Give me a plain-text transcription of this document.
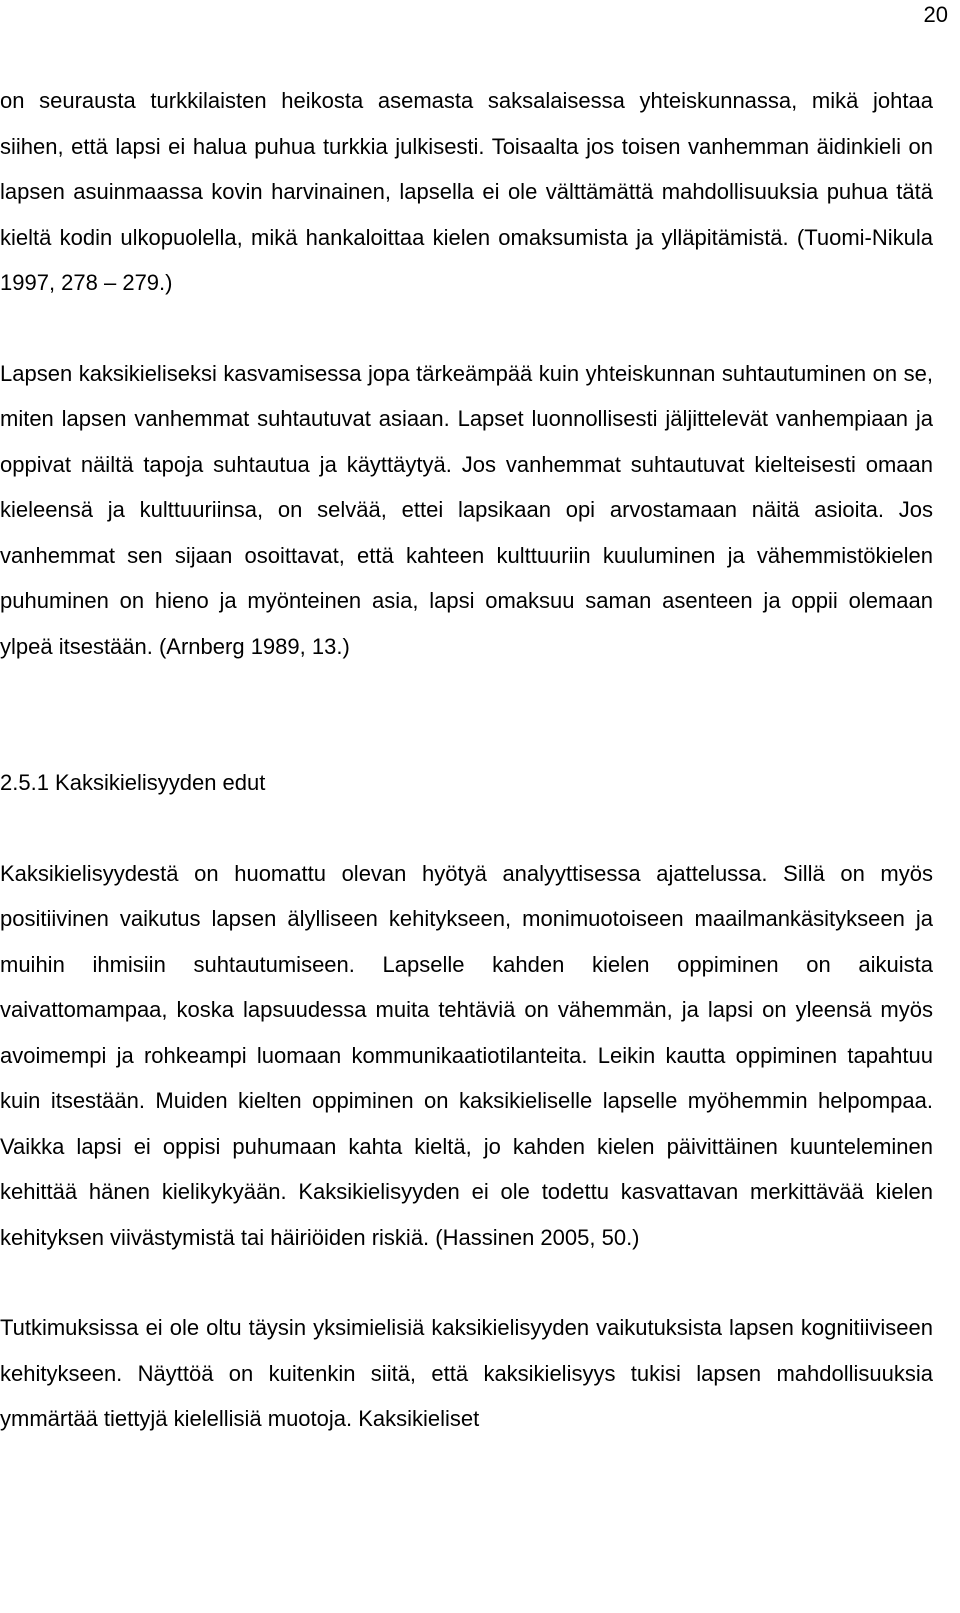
20

on seurausta turkkilaisten heikosta asemasta saksalaisessa yhteiskunnassa, mikä johtaa siihen, että lapsi ei halua puhua turkkia julkisesti. Toisaalta jos toisen vanhemman äidinkieli on lapsen asuinmaassa kovin harvinainen, lapsella ei ole välttämättä mahdollisuuksia puhua tätä kieltä kodin ulkopuolella, mikä hankaloittaa kielen omaksumista ja ylläpitämistä. (Tuomi-Nikula 1997, 278 – 279.)

Lapsen kaksikieliseksi kasvamisessa jopa tärkeämpää kuin yhteiskunnan suhtautuminen on se, miten lapsen vanhemmat suhtautuvat asiaan. Lapset luonnollisesti jäljittelevät vanhempiaan ja oppivat näiltä tapoja suhtautua ja käyttäytyä. Jos vanhemmat suhtautuvat kielteisesti omaan kieleensä ja kulttuuriinsa, on selvää, ettei lapsikaan opi arvostamaan näitä asioita. Jos vanhemmat sen sijaan osoittavat, että kahteen kulttuuriin kuuluminen ja vähemmistökielen puhuminen on hieno ja myönteinen asia, lapsi omaksuu saman asenteen ja oppii olemaan ylpeä itsestään. (Arnberg 1989, 13.)

2.5.1 Kaksikielisyyden edut

Kaksikielisyydestä on huomattu olevan hyötyä analyyttisessa ajattelussa. Sillä on myös positiivinen vaikutus lapsen älylliseen kehitykseen, monimuotoiseen maailmankäsitykseen ja muihin ihmisiin suhtautumiseen. Lapselle kahden kielen oppiminen on aikuista vaivattomampaa, koska lapsuudessa muita tehtäviä on vähemmän, ja lapsi on yleensä myös avoimempi ja rohkeampi luomaan kommunikaatiotilanteita. Leikin kautta oppiminen tapahtuu kuin itsestään. Muiden kielten oppiminen on kaksikieliselle lapselle myöhemmin helpompaa. Vaikka lapsi ei oppisi puhumaan kahta kieltä, jo kahden kielen päivittäinen kuunteleminen kehittää hänen kielikykyään. Kaksikielisyyden ei ole todettu kasvattavan merkittävää kielen kehityksen viivästymistä tai häiriöiden riskiä. (Hassinen 2005, 50.)

Tutkimuksissa ei ole oltu täysin yksimielisiä kaksikielisyyden vaikutuksista lapsen kognitiiviseen kehitykseen. Näyttöä on kuitenkin siitä, että kaksikielisyys tukisi lapsen mahdollisuuksia ymmärtää tiettyjä kielellisiä muotoja. Kaksikieliset
